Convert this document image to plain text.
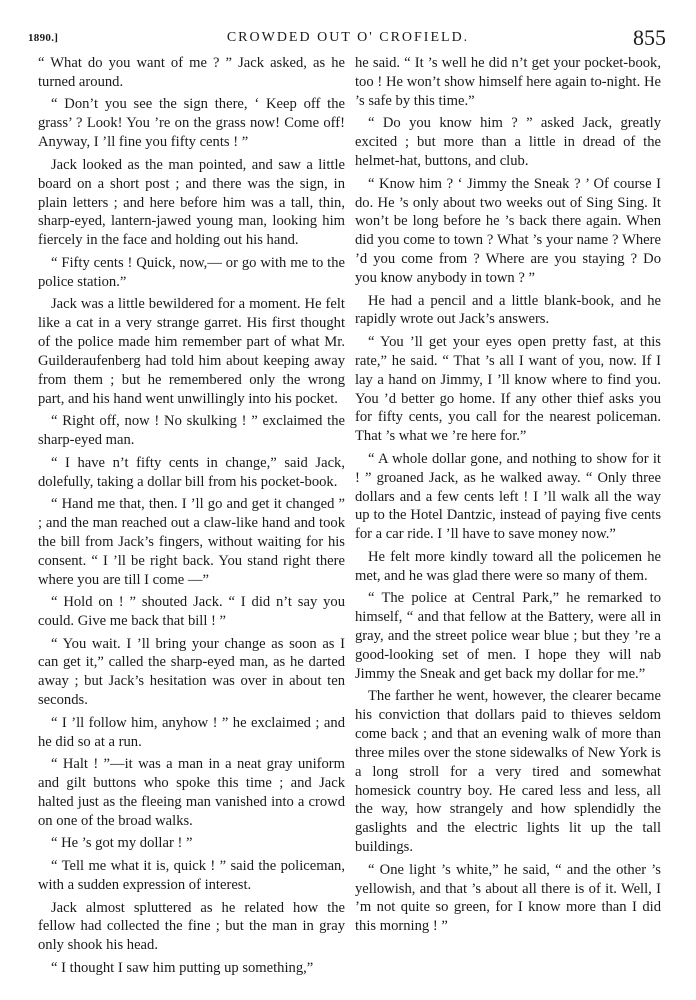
1890.]	CROWDED OUT O' CROFIELD.	855

“ What do you want of me ? ” Jack asked, as he turned around.

“ Don’t you see the sign there, ‘ Keep off the grass’ ? Look! You ’re on the grass now! Come off! Anyway, I ’ll fine you fifty cents ! ”

Jack looked as the man pointed, and saw a little board on a short post ; and there was the sign, in plain letters ; and here before him was a tall, thin, sharp-eyed, lantern-jawed young man, looking him fiercely in the face and holding out his hand.

“ Fifty cents ! Quick, now,— or go with me to the police station.”

Jack was a little bewildered for a moment. He felt like a cat in a very strange garret. His first thought of the police made him remember part of what Mr. Guilderaufenberg had told him about keeping away from them ; but he remembered only the wrong part, and his hand went unwillingly into his pocket.

“ Right off, now ! No skulking ! ” exclaimed the sharp-eyed man.

“ I have n’t fifty cents in change,” said Jack, dolefully, taking a dollar bill from his pocket-book.

“ Hand me that, then. I ’ll go and get it changed ” ; and the man reached out a claw-like hand and took the bill from Jack’s fingers, without waiting for his consent. “ I ’ll be right back. You stand right there where you are till I come —”

“ Hold on ! ” shouted Jack. “ I did n’t say you could. Give me back that bill ! ”

“ You wait. I ’ll bring your change as soon as I can get it,” called the sharp-eyed man, as he darted away ; but Jack’s hesitation was over in about ten seconds.

“ I ’ll follow him, anyhow ! ” he exclaimed ; and he did so at a run.

“ Halt ! ”—it was a man in a neat gray uniform and gilt buttons who spoke this time ; and Jack halted just as the fleeing man vanished into a crowd on one of the broad walks.

“ He ’s got my dollar ! ”

“ Tell me what it is, quick ! ” said the policeman, with a sudden expression of interest.

Jack almost spluttered as he related how the fellow had collected the fine ; but the man in gray only shook his head.

“ I thought I saw him putting up something,”

he said. “ It ’s well he did n’t get your pocket-book, too ! He won’t show himself here again to-night. He ’s safe by this time.”

“ Do you know him ? ” asked Jack, greatly excited ; but more than a little in dread of the helmet-hat, buttons, and club.

“ Know him ? ‘ Jimmy the Sneak ? ’ Of course I do. He ’s only about two weeks out of Sing Sing. It won’t be long before he ’s back there again. When did you come to town ? What ’s your name ? Where ’d you come from ? Where are you staying ? Do you know anybody in town ? ”

He had a pencil and a little blank-book, and he rapidly wrote out Jack’s answers.

“ You ’ll get your eyes open pretty fast, at this rate,” he said. “ That ’s all I want of you, now. If I lay a hand on Jimmy, I ’ll know where to find you. You ’d better go home. If any other thief asks you for fifty cents, you call for the nearest policeman. That ’s what we ’re here for.”

“ A whole dollar gone, and nothing to show for it ! ” groaned Jack, as he walked away. “ Only three dollars and a few cents left ! I ’ll walk all the way up to the Hotel Dantzic, instead of paying five cents for a car ride. I ’ll have to save money now.”

He felt more kindly toward all the policemen he met, and he was glad there were so many of them.

“ The police at Central Park,” he remarked to himself, “ and that fellow at the Battery, were all in gray, and the street police wear blue ; but they ’re a good-looking set of men. I hope they will nab Jimmy the Sneak and get back my dollar for me.”

The farther he went, however, the clearer became his conviction that dollars paid to thieves seldom come back ; and that an evening walk of more than three miles over the stone sidewalks of New York is a long stroll for a very tired and somewhat homesick country boy. He cared less and less, all the way, how strangely and how splendidly the gaslights and the electric lights lit up the tall buildings.

“ One light ’s white,” he said, “ and the other ’s yellowish, and that ’s about all there is of it. Well, I ’m not quite so green, for I know more than I did this morning ! ”
